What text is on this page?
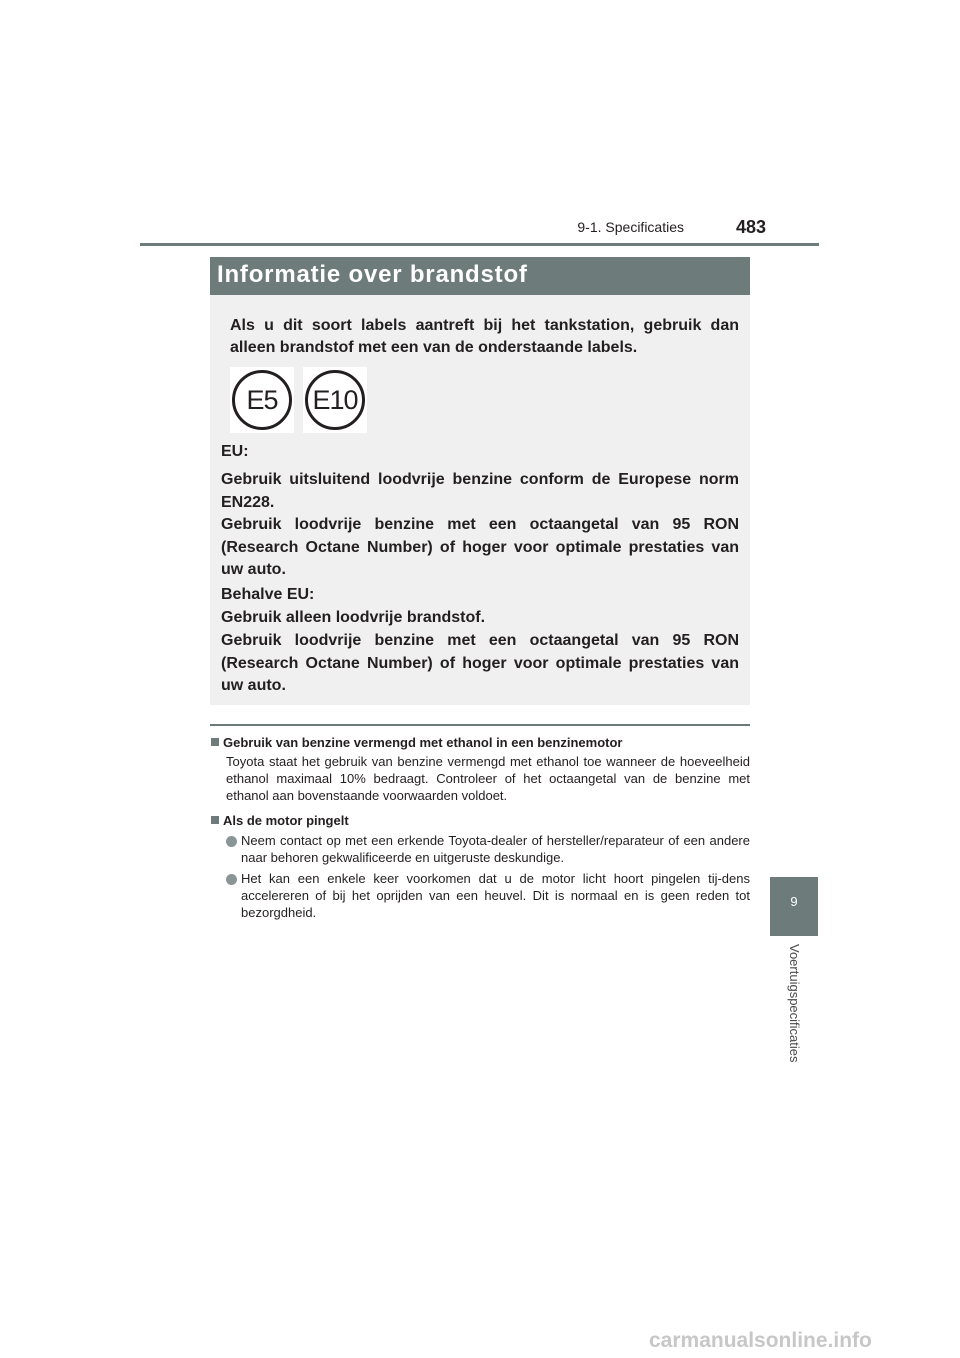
9-1. Specificaties	483
9
Voertuigspecificaties
Informatie over brandstof

Als u dit soort labels aantreft bij het tankstation, gebruik dan alleen brandstof met een van de onderstaande labels.

E5	E10

EU:

Gebruik uitsluitend loodvrije benzine conform de Europese norm EN228.

Gebruik loodvrije benzine met een octaangetal van 95 RON (Research Octane Number) of hoger voor optimale prestaties van uw auto.

Behalve EU:

Gebruik alleen loodvrije brandstof.

Gebruik loodvrije benzine met een octaangetal van 95 RON (Research Octane Number) of hoger voor optimale prestaties van uw auto.

Gebruik van benzine vermengd met ethanol in een benzinemotor

Toyota staat het gebruik van benzine vermengd met ethanol toe wanneer de hoeveelheid ethanol maximaal 10% bedraagt. Controleer of het octaangetal van de benzine met ethanol aan bovenstaande voorwaarden voldoet.

Als de motor pingelt

Neem contact op met een erkende Toyota-dealer of hersteller/reparateur of een andere naar behoren gekwalificeerde en uitgeruste deskundige.

Het kan een enkele keer voorkomen dat u de motor licht hoort pingelen tij-dens accelereren of bij het oprijden van een heuvel. Dit is normaal en is geen reden tot bezorgdheid.

carmanualsonline.info
